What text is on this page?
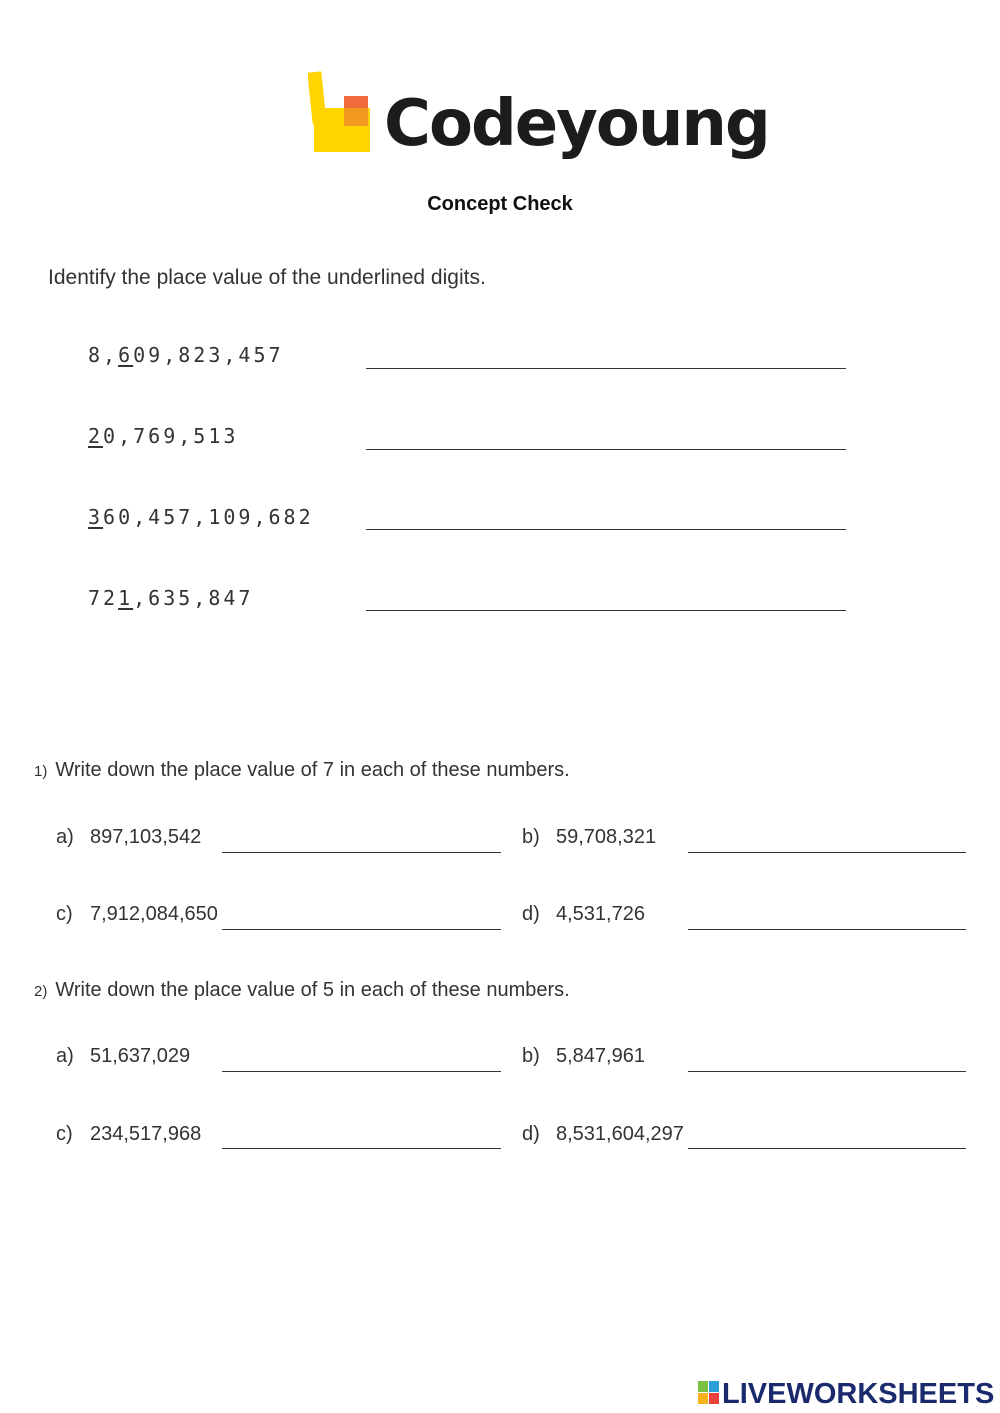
Codeyoung
Concept Check
Identify the place value of the underlined digits.
8,609,823,457
20,769,513
360,457,109,682
721,635,847
1) Write down the place value of 7 in each of these numbers.
a) 897,103,542	b) 59,708,321
c) 7,912,084,650	d) 4,531,726
2) Write down the place value of 5 in each of these numbers.
a) 51,637,029	b) 5,847,961
c) 234,517,968	d) 8,531,604,297
LIVEWORKSHEETS
